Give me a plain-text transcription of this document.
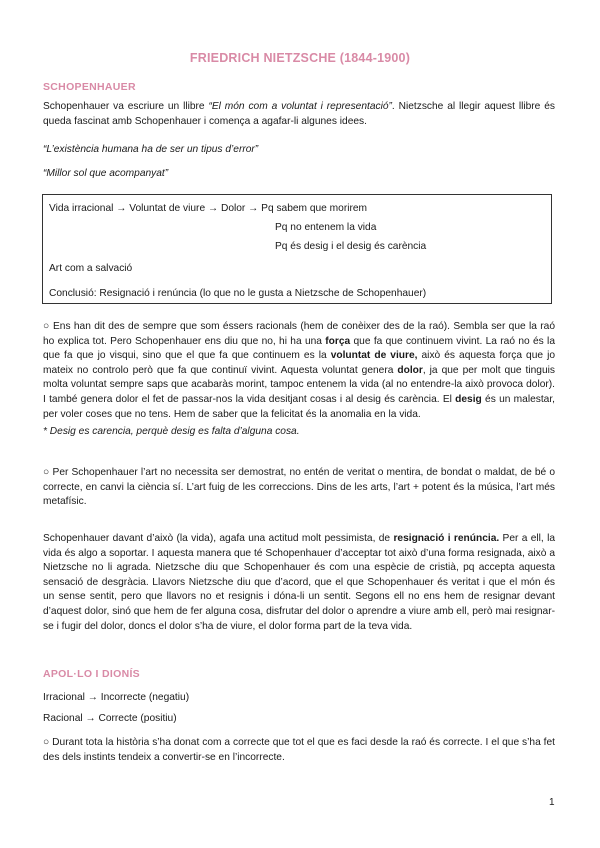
FRIEDRICH NIETZSCHE (1844-1900)
SCHOPENHAUER

Schopenhauer va escriure un llibre “El món com a voluntat i representació”. Nietzsche al llegir aquest llibre és queda fascinat amb Schopenhauer i comença a agafar-li algunes idees.

“L’existència humana ha de ser un tipus d’error”
“Millor sol que acompanyat”
Vida irracional → Voluntat de viure → Dolor → Pq sabem que morirem
Pq no entenem la vida
Pq és desig i el desig és carència
Art com a salvació
Conclusió: Resignació i renúncia (lo que no le gusta a Nietzsche de Schopenhauer)

○ Ens han dit des de sempre que som éssers racionals (hem de conèixer des de la raó). Sembla ser que la raó ho explica tot. Pero Schopenhauer ens diu que no, hi ha una força que fa que continuem vivint. La raó no és la que fa que jo visqui, sino que el que fa que continuem es la voluntat de viure, això és aquesta força que jo mateix no controlo però que fa que continuï vivint. Aquesta voluntat genera dolor, ja que per molt que tinguis molta voluntat sempre saps que acabaràs morint, tampoc entenem la vida (al no entendre-la això provoca dolor). I també genera dolor el fet de passar-nos la vida desitjant cosas i al desig és carència. El desig és un malestar, per voler coses que no tens. Hem de saber que la felicitat és la anomalia en la vida.

* Desig es carencia, perquè desig es falta d’alguna cosa.

○ Per Schopenhauer l’art no necessita ser demostrat, no entén de veritat o mentira, de bondat o maldat, de bé o correcte, en canvi la ciència sí. L’art fuig de les correccions. Dins de les arts, l’art + potent és la música, l’art més metafísic.

Schopenhauer davant d’això (la vida), agafa una actitud molt pessimista, de resignació i renúncia. Per a ell, la vida és algo a soportar. I aquesta manera que té Schopenhauer d’acceptar tot això d’una forma resignada, això a Nietzsche no li agrada. Nietzsche diu que Schopenhauer és com una espècie de cristià, pq accepta aquesta sensació de desgràcia. Llavors Nietzsche diu que d’acord, que el que Schopenhauer és veritat i que el món és un sense sentit, pero que llavors no et resignis i dóna-li un sentit. Segons ell no ens hem de resignar devant d’aquest dolor, sinó que hem de fer alguna cosa, disfrutar del dolor o aprendre a viure amb ell, però mai resignar-se i fugir del dolor, doncs el dolor s’ha de viure, el dolor forma part de la teva vida.

APOL·LO I DIONÍS
Irracional → Incorrecte (negatiu)
Racional → Correcte (positiu)

○ Durant tota la història s’ha donat com a correcte que tot el que es faci desde la raó és correcte. I el que s’ha fet des dels instints tendeix a convertir-se en l’incorrecte.

1
